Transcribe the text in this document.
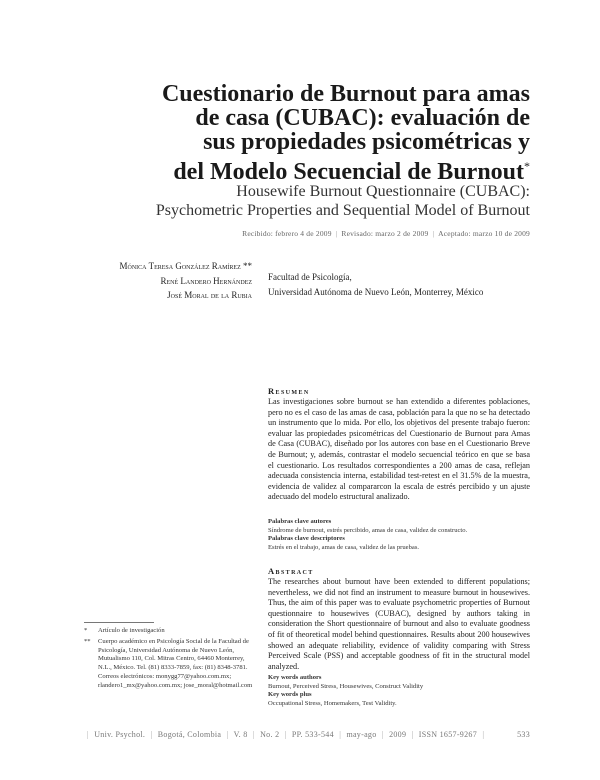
Cuestionario de Burnout para amas
de casa (CUBAC): evaluación de
sus propiedades psicométricas y
del Modelo Secuencial de Burnout*
Housewife Burnout Questionnaire (CUBAC):
Psychometric Properties and Sequential Model of Burnout
Recibido: febrero 4 de 2009 | Revisado: marzo 2 de 2009 | Aceptado: marzo 10 de 2009
Mónica Teresa González Ramírez **
René Landero Hernández
José Moral de la Rubia
Facultad de Psicología,
Universidad Autónoma de Nuevo León, Monterrey, México
Resumen
Las investigaciones sobre burnout se han extendido a diferentes poblaciones, pero no es el caso de las amas de casa, población para la que no se ha detectado un instrumento que lo mida. Por ello, los objetivos del presente trabajo fueron: evaluar las propiedades psicométricas del Cuestionario de Burnout para Amas de Casa (CUBAC), diseñado por los autores con base en el Cuestionario Breve de Burnout; y, además, contrastar el modelo secuencial teórico en que se basa el cuestionario. Los resultados correspondientes a 200 amas de casa, reflejan adecuada consistencia interna, estabilidad test-retest en el 31.5% de la muestra, evidencia de validez al compararcon la escala de estrés percibido y un ajuste adecuado del modelo estructural analizado.
Palabras clave autores
Síndrome de burnout, estrés percibido, amas de casa, validez de constructo.
Palabras clave descriptores
Estrés en el trabajo, amas de casa, validez de las pruebas.
Abstract
The researches about burnout have been extended to different populations; nevertheless, we did not find an instrument to measure burnout in housewives. Thus, the aim of this paper was to evaluate psychometric properties of Burnout questionnaire to housewives (CUBAC), designed by authors taking in consideration the Short questionnaire of burnout and also to evaluate goodness of fit of theoretical model behind questionnaires. Results about 200 housewives showed an adequate reliability, evidence of validity comparing with Stress Perceived Scale (PSS) and acceptable goodness of fit in the structural model analyzed.
Key words authors
Burnout, Perceived Stress, Housewives, Construct Validity
Key words plus
Occupational Stress, Homemakers, Test Validity.
* Artículo de investigación
** Cuerpo académico en Psicología Social de la Facultad de Psicología, Universidad Autónoma de Nuevo León, Mutualismo 110, Col. Mitras Centro, 64460 Monterrey, N.L., México. Tel. (81) 8333-7859, fax: (81) 8348-3781. Correos electrónicos: monygg77@yahoo.com.mx; rlandero1_mx@yahoo.com.mx; jose_moral@hotmail.com
| Univ. Psychol. | Bogotá, Colombia | V. 8 | No. 2 | PP. 533-544 | may-ago | 2009 | ISSN 1657-9267 |	533
